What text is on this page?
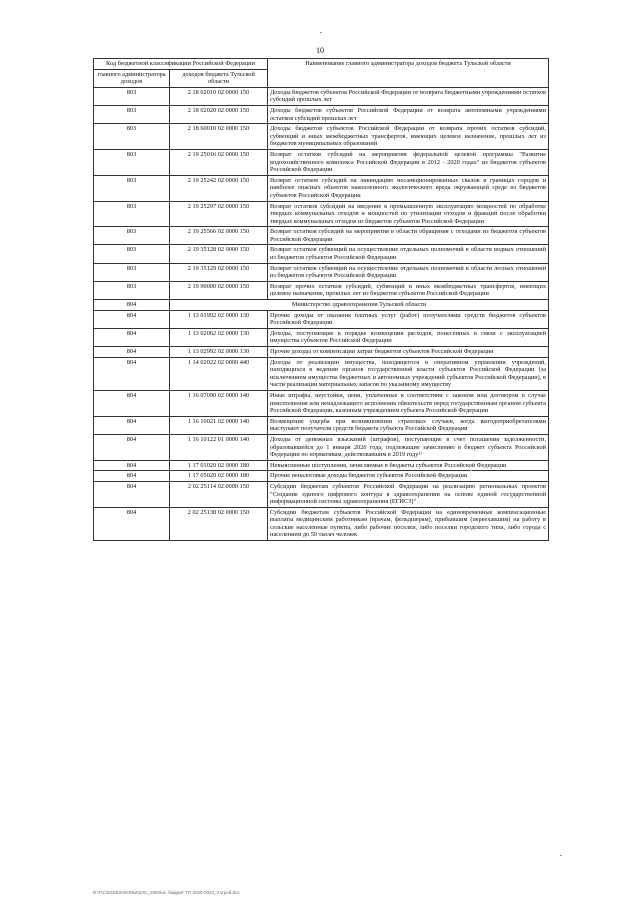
10
Код бюджетной классификации Российской Федерации		Наименование главного администратора доходов бюджета Тульской области
главного администратора доходов	доходов бюджета Тульской области	
803	2 18 02010 02 0000 150	Доходы бюджетов субъектов Российской Федерации от возврата бюджетными учреждениями остатков субсидий прошлых лет
803	2 18 02020 02 0000 150	Доходы бюджетов субъектов Российской Федерации от возврата автономными учреждениями остатков субсидий прошлых лет
803	2 18 60010 02 0000 150	Доходы бюджетов субъектов Российской Федерации от возврата прочих остатков субсидий, субвенций и иных межбюджетных трансфертов, имеющих целевое назначение, прошлых лет из бюджетов муниципальных образований
803	2 19 25016 02 0000 150	Возврат остатков субсидий на мероприятия федеральной целевой программы "Развитие водохозяйственного комплекса Российской Федерации в 2012 - 2020 годах" из бюджетов субъектов Российской Федерации
803	2 19 25242 02 0000 150	Возврат остатков субсидий на ликвидацию несанкционированных свалок в границах городов и наиболее опасных объектов накопленного экологического вреда окружающей среде из бюджетов субъектов Российской Федерации
803	2 19 25297 02 0000 150	Возврат остатков субсидий на введение в промышленную эксплуатацию мощностей по обработке твердых коммунальных отходов и мощностей по утилизации отходов и фракций после обработки твердых коммунальных отходов из бюджетов субъектов Российской Федерации
803	2 19 25566 02 0000 150	Возврат остатков субсидий на мероприятия в области обращения с отходами из бюджетов субъектов Российской Федерации
803	2 19 35128 02 0000 150	Возврат остатков субвенций на осуществление отдельных полномочий в области водных отношений из бюджетов субъектов Российской Федерации
803	2 19 35129 02 0000 150	Возврат остатков субвенций на осуществление отдельных полномочий в области лесных отношений из бюджетов субъектов Российской Федерации
803	2 19 90000 02 0000 150	Возврат прочих остатков субсидий, субвенций и иных межбюджетных трансфертов, имеющих целевое назначение, прошлых лет из бюджетов субъектов Российской Федерации
804	Министерство здравоохранения Тульской области	
804	1 13 01992 02 0000 130	Прочие доходы от оказания платных услуг (работ) получателями средств бюджетов субъектов Российской Федерации
804	1 13 02062 02 0000 130	Доходы, поступающие в порядке возмещения расходов, понесенных в связи с эксплуатацией имущества субъектов Российской Федерации
804	1 13 02992 02 0000 130	Прочие доходы от компенсации затрат бюджетов субъектов Российской Федерации
804	1 14 02022 02 0000 440	Доходы от реализации имущества, находящегося в оперативном управлении учреждений, находящихся в ведении органов государственной власти субъектов Российской Федерации (за исключением имущества бюджетных и автономных учреждений субъектов Российской Федерации), в части реализации материальных запасов по указанному имуществу
804	1 16 07090 02 0000 140	Иные штрафы, неустойки, пени, уплаченные в соответствии с законом или договором в случае неисполнения или ненадлежащего исполнения обязательств перед государственным органом субъекта Российской Федерации, казенным учреждением субъекта Российской Федерации
804	1 16 10021 02 0000 140	Возмещение ущерба при возникновении страховых случаев, когда выгодоприобретателями выступают получатели средств бюджета субъекта Российской Федерации
804	1 16 10122 01 0000 140	Доходы от денежных взысканий (штрафов), поступающие в счет погашения задолженности, образовавшейся до 1 января 2020 года, подлежащие зачислению в бюджет субъекта Российской Федерации по нормативам, действовавшим в 2019 году¹⁾
804	1 17 01020 02 0000 180	Невыясненные поступления, зачисляемые в бюджеты субъектов Российской Федерации
804	1 17 05020 02 0000 180	Прочие неналоговые доходы бюджетов субъектов Российской Федерации
804	2 02 25114 02 0000 150	Субсидии бюджетам субъектов Российской Федерации на реализацию региональных проектов "Создание единого цифрового контура в здравоохранении на основе единой государственной информационной системы здравоохранения (ЕГИСЗ)"
804	2 02 25138 02 0000 150	Субсидии бюджетам субъектов Российской Федерации на единовременные компенсационные выплаты медицинским работникам (врачам, фельдшерам), прибывшим (переехавшим) на работу в сельские населенные пункты, либо рабочие поселки, либо поселки городского типа, либо города с населением до 50 тысяч человек
D:\Г\С\2020\ЗАКОНЫ\ЗАС_1902\ок. бюджет ТО 2020-2022_3 кгрэб.doc
